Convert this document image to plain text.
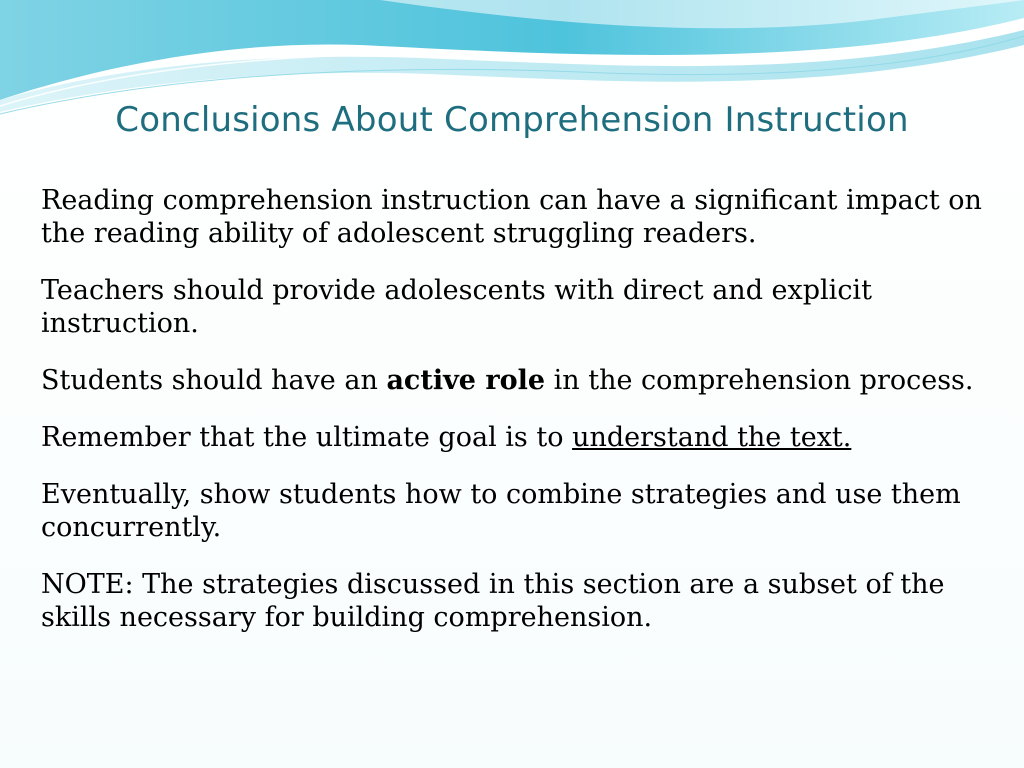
Conclusions About Comprehension Instruction

Reading comprehension instruction can have a significant impact on the reading ability of adolescent struggling readers.

Teachers should provide adolescents with direct and explicit instruction.

Students should have an active role in the comprehension process.

Remember that the ultimate goal is to understand the text.

Eventually, show students how to combine strategies and use them concurrently.

NOTE: The strategies discussed in this section are a subset of the skills necessary for building comprehension.
